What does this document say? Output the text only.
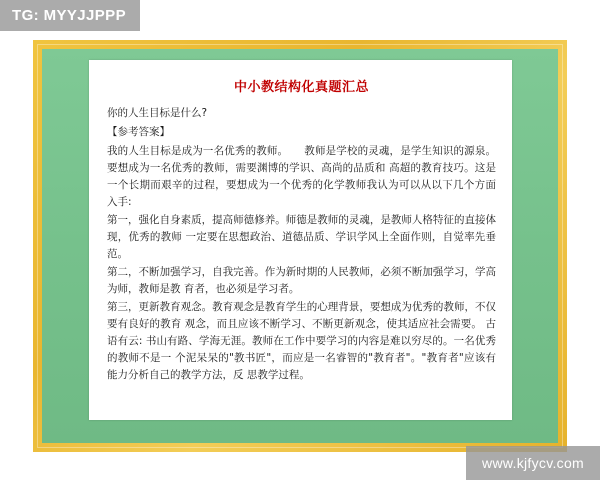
中小教结构化真题汇总

你的人生目标是什么?

【参考答案】

我的人生目标是成为一名优秀的教师。　　教师是学校的灵魂，是学生知识的源泉。要想成为一名优秀的教师，需要渊博的学识、高尚的品质和 高超的教育技巧。这是一个长期而艰辛的过程，要想成为一个优秀的化学教师我认为可以从以下几个方面 入手:

第一，强化自身素质，提高师德修养。师德是教师的灵魂，是教师人格特征的直接体现，优秀的教师 一定要在思想政治、道德品质、学识学风上全面作则，自觉率先垂范。

第二，不断加强学习，自我完善。作为新时期的人民教师，必须不断加强学习，学高为师，教师是教 育者，也必须是学习者。

第三，更新教育观念。教育观念是教育学生的心理背景，要想成为优秀的教师，不仅要有良好的教育 观念，而且应该不断学习、不断更新观念，使其适应社会需要。 古语有云: 书山有路、学海无涯。教师在工作中要学习的内容是难以穷尽的。一名优秀的教师不是一 个泥呆呆的"教书匠"，而应是一名睿智的"教育者"。"教育者"应该有能力分析自己的教学方法，反 思教学过程。

TG: MYYJJPPP
www.kjfycv.com
